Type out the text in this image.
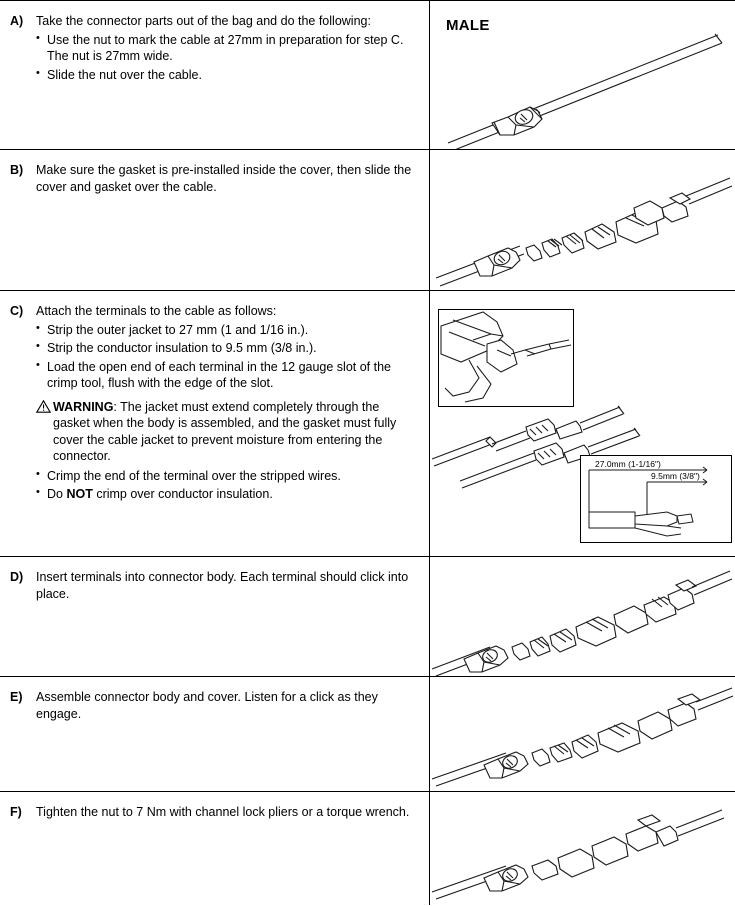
A)	Take the connector parts out of the bag and do the following:
• Use the nut to mark the cable at 27mm in preparation for step C. The nut is 27mm wide.
• Slide the nut over the cable.
MALE
B)	Make sure the gasket is pre-installed inside the cover, then slide the cover and gasket over the cable.
C)	Attach the terminals to the cable as follows:
• Strip the outer jacket to 27 mm (1 and 1/16 in.).
• Strip the conductor insulation to 9.5 mm (3/8 in.).
• Load the open end of each terminal in the 12 gauge slot of the crimp tool, flush with the edge of the slot.
WARNING: The jacket must extend completely through the gasket when the body is assembled, and the gasket must fully cover the cable jacket to prevent moisture from entering the connector.
• Crimp the end of the terminal over the stripped wires.
• Do NOT crimp over conductor insulation.
27.0mm (1-1/16")
9.5mm (3/8")
D)	Insert terminals into connector body. Each terminal should click into place.
E)	Assemble connector body and cover. Listen for a click as they engage.
F)	Tighten the nut to 7 Nm with channel lock pliers or a torque wrench.
